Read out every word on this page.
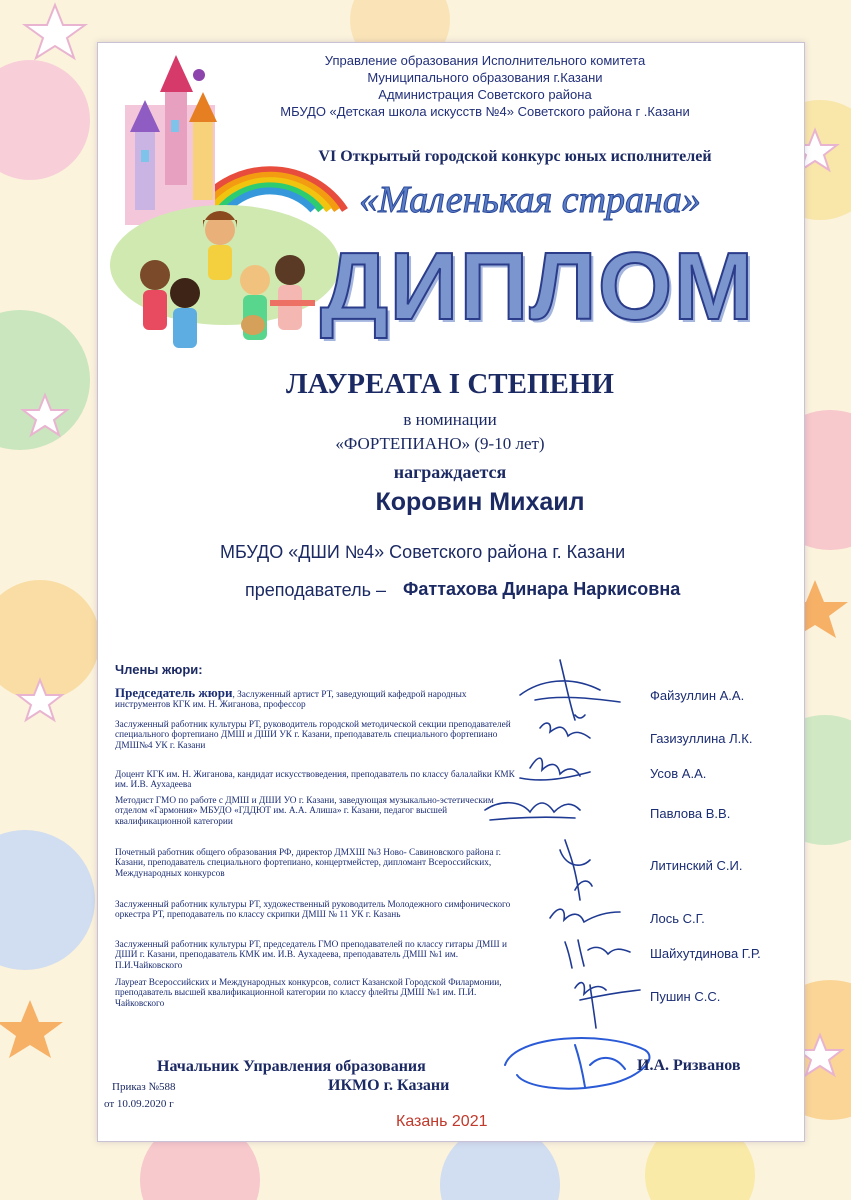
Управление образования Исполнительного комитета
Муниципального образования г.Казани
Администрация Советского района
МБУДО «Детская школа искусств №4» Советского района г .Казани
VI Открытый городской конкурс юных исполнителей
«Маленькая страна»
ДИПЛОМ
ЛАУРЕАТА I СТЕПЕНИ
в номинации
«ФОРТЕПИАНО» (9-10 лет)
награждается
Коровин Михаил
МБУДО «ДШИ №4» Советского района г. Казани
преподаватель – Фаттахова Динара Наркисовна
Члены жюри:
Председатель жюри, Заслуженный артист РТ, заведующий кафедрой народных инструментов КГК им. Н. Жиганова, профессор
Заслуженный работник культуры РТ, руководитель городской методической секции преподавателей специального фортепиано ДМШ и ДШИ УК г. Казани, преподаватель специального фортепиано ДМШ№4 УК г. Казани
Доцент КГК им. Н. Жиганова, кандидат искусствоведения, преподаватель по классу балалайки КМК им. И.В. Аухадеева
Методист ГМО по работе с ДМШ и ДШИ УО г. Казани, заведующая музыкально-эстетическим отделом «Гармония» МБУДО «ГДДЮТ им. А.А. Алиша» г. Казани, педагог высшей квалификационной категории
Почетный работник общего образования РФ, директор ДМХШ №3 Ново- Савиновского района г. Казани, преподаватель специального фортепиано, концертмейстер, дипломант Всероссийских, Международных конкурсов
Заслуженный работник культуры РТ, художественный руководитель Молодежного симфонического оркестра РТ, преподаватель по классу скрипки ДМШ № 11 УК г. Казань
Заслуженный работник культуры РТ, председатель ГМО преподавателей по классу гитары ДМШ и ДШИ г. Казани, преподаватель КМК им. И.В. Аухадеева, преподаватель ДМШ №1 им. П.И.Чайковского
Лауреат Всероссийских и Международных конкурсов, солист Казанской Городской Филармонии, преподаватель высшей квалификационной категории по классу флейты ДМШ №1 им. П.И. Чайковского
Файзуллин А.А.
Газизуллина Л.К.
Усов А.А.
Павлова В.В.
Литинский С.И.
Лось С.Г.
Шайхутдинова Г.Р.
Пушин С.С.
Начальник Управления образования
ИКМО г. Казани
И.А. Ризванов
Приказ №588
от 10.09.2020 г
Казань 2021
